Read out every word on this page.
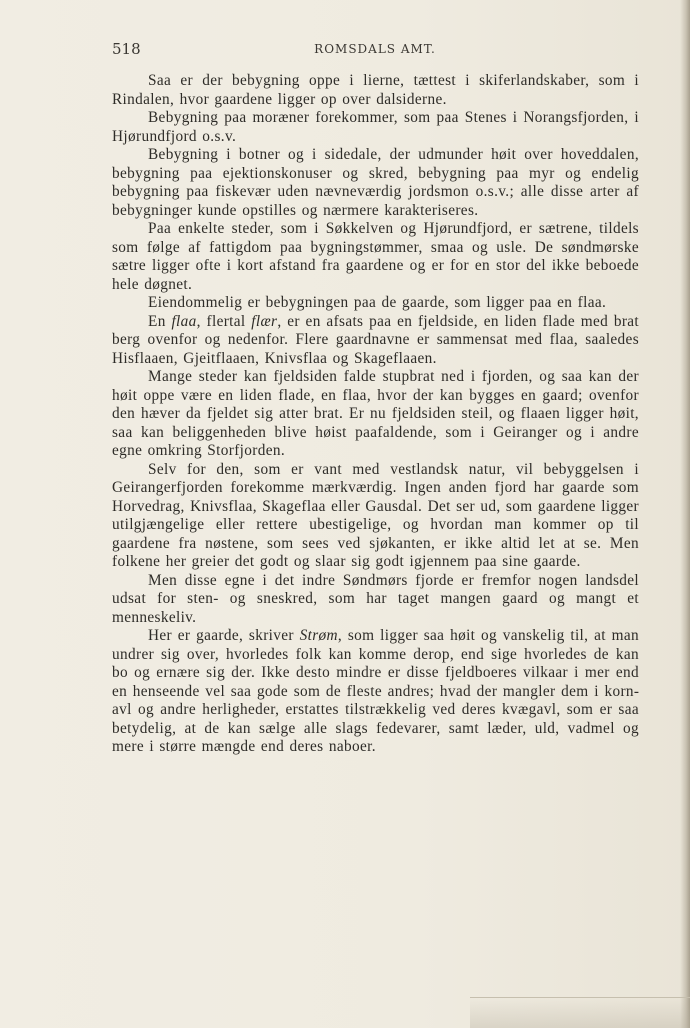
518	ROMSDALS AMT.

Saa er der bebygning oppe i lierne, tættest i skiferlandskaber, som i Rindalen, hvor gaardene ligger op over dalsiderne.

Bebygning paa moræner forekommer, som paa Stenes i Norangsfjorden, i Hjørundfjord o.s.v.

Bebygning i botner og i sidedale, der udmunder høit over hoveddalen, bebygning paa ejektionskonuser og skred, bebygning paa myr og endelig bebygning paa fiskevær uden nævneværdig jordsmon o.s.v.; alle disse arter af bebygninger kunde opstilles og nærmere karakteriseres.

Paa enkelte steder, som i Søkkelven og Hjørundfjord, er sætrene, tildels som følge af fattigdom paa bygningstømmer, smaa og usle. De søndmørske sætre ligger ofte i kort afstand fra gaardene og er for en stor del ikke beboede hele døgnet.

Eiendommelig er bebygningen paa de gaarde, som ligger paa en flaa.

En flaa, flertal flær, er en afsats paa en fjeldside, en liden flade med brat berg ovenfor og nedenfor. Flere gaardnavne er sammensat med flaa, saaledes Hisflaaen, Gjeitflaaen, Knivsflaa og Skageflaaen.

Mange steder kan fjeldsiden falde stupbrat ned i fjorden, og saa kan der høit oppe være en liden flade, en flaa, hvor der kan bygges en gaard; ovenfor den hæver da fjeldet sig atter brat. Er nu fjeldsiden steil, og flaaen ligger høit, saa kan beliggenheden blive høist paafaldende, som i Geiranger og i andre egne omkring Storfjorden.

Selv for den, som er vant med vestlandsk natur, vil bebyggelsen i Geirangerfjorden forekomme mærkværdig. Ingen anden fjord har gaarde som Horvedrag, Knivsflaa, Skageflaa eller Gausdal. Det ser ud, som gaardene ligger utilgjængelige eller rettere ubestigelige, og hvordan man kommer op til gaardene fra nøstene, som sees ved sjøkanten, er ikke altid let at se. Men folkene her greier det godt og slaar sig godt igjennem paa sine gaarde.

Men disse egne i det indre Søndmørs fjorde er fremfor nogen landsdel udsat for sten- og sneskred, som har taget mangen gaard og mangt et menneskeliv.

Her er gaarde, skriver Strøm, som ligger saa høit og vanskelig til, at man undrer sig over, hvorledes folk kan komme derop, end sige hvorledes de kan bo og ernære sig der. Ikke desto mindre er disse fjeldboeres vilkaar i mer end en henseende vel saa gode som de fleste andres; hvad der mangler dem i kornavl og andre herligheder, erstattes tilstrækkelig ved deres kvægavl, som er saa betydelig, at de kan sælge alle slags fedevarer, samt læder, uld, vadmel og mere i større mængde end deres naboer.
